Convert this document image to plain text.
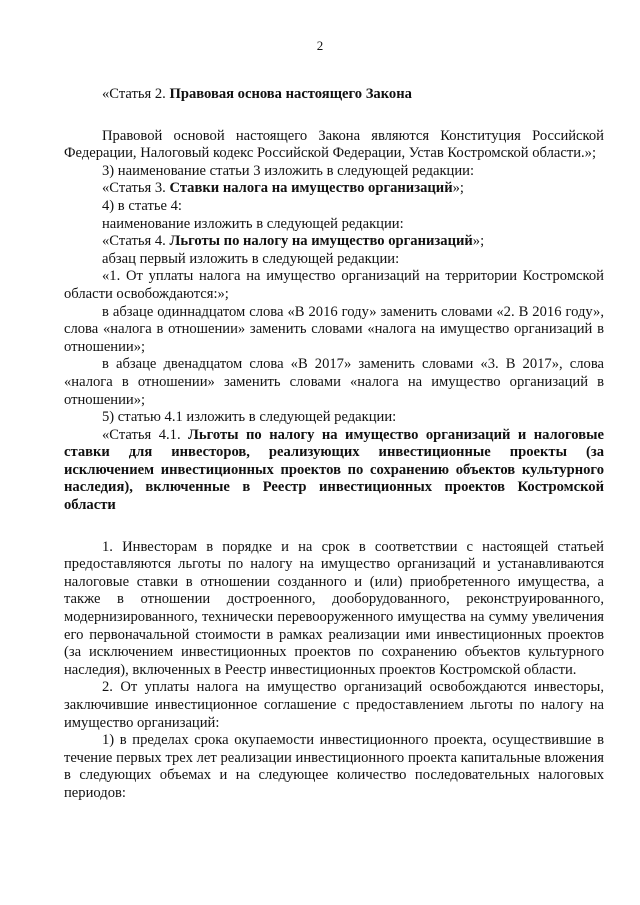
2

«Статья 2. Правовая основа настоящего Закона

Правовой основой настоящего Закона являются Конституция Российской Федерации, Налоговый кодекс Российской Федерации, Устав Костромской области.»;

3) наименование статьи 3 изложить в следующей редакции:

«Статья 3. Ставки налога на имущество организаций»;

4) в статье 4:

наименование изложить в следующей редакции:

«Статья 4. Льготы по налогу на имущество организаций»;

абзац первый изложить в следующей редакции:

«1. От уплаты налога на имущество организаций на территории Костромской области освобождаются:»;

в абзаце одиннадцатом слова «В 2016 году» заменить словами «2. В 2016 году», слова «налога в отношении» заменить словами «налога на имущество организаций в отношении»;

в абзаце двенадцатом слова «В 2017» заменить словами «3. В 2017», слова «налога в отношении» заменить словами «налога на имущество организаций в отношении»;

5) статью 4.1 изложить в следующей редакции:

«Статья 4.1. Льготы по налогу на имущество организаций и налоговые ставки для инвесторов, реализующих инвестиционные проекты (за исключением инвестиционных проектов по сохранению объектов культурного наследия), включенные в Реестр инвестиционных проектов Костромской области

1. Инвесторам в порядке и на срок в соответствии с настоящей статьей предоставляются льготы по налогу на имущество организаций и устанавливаются налоговые ставки в отношении созданного и (или) приобретенного имущества, а также в отношении достроенного, дооборудованного, реконструированного, модернизированного, технически перевооруженного имущества на сумму увеличения его первоначальной стоимости в рамках реализации ими инвестиционных проектов (за исключением инвестиционных проектов по сохранению объектов культурного наследия), включенных в Реестр инвестиционных проектов Костромской области.

2. От уплаты налога на имущество организаций освобождаются инвесторы, заключившие инвестиционное соглашение с предоставлением льготы по налогу на имущество организаций:

1) в пределах срока окупаемости инвестиционного проекта, осуществившие в течение первых трех лет реализации инвестиционного проекта капитальные вложения в следующих объемах и на следующее количество последовательных налоговых периодов:
